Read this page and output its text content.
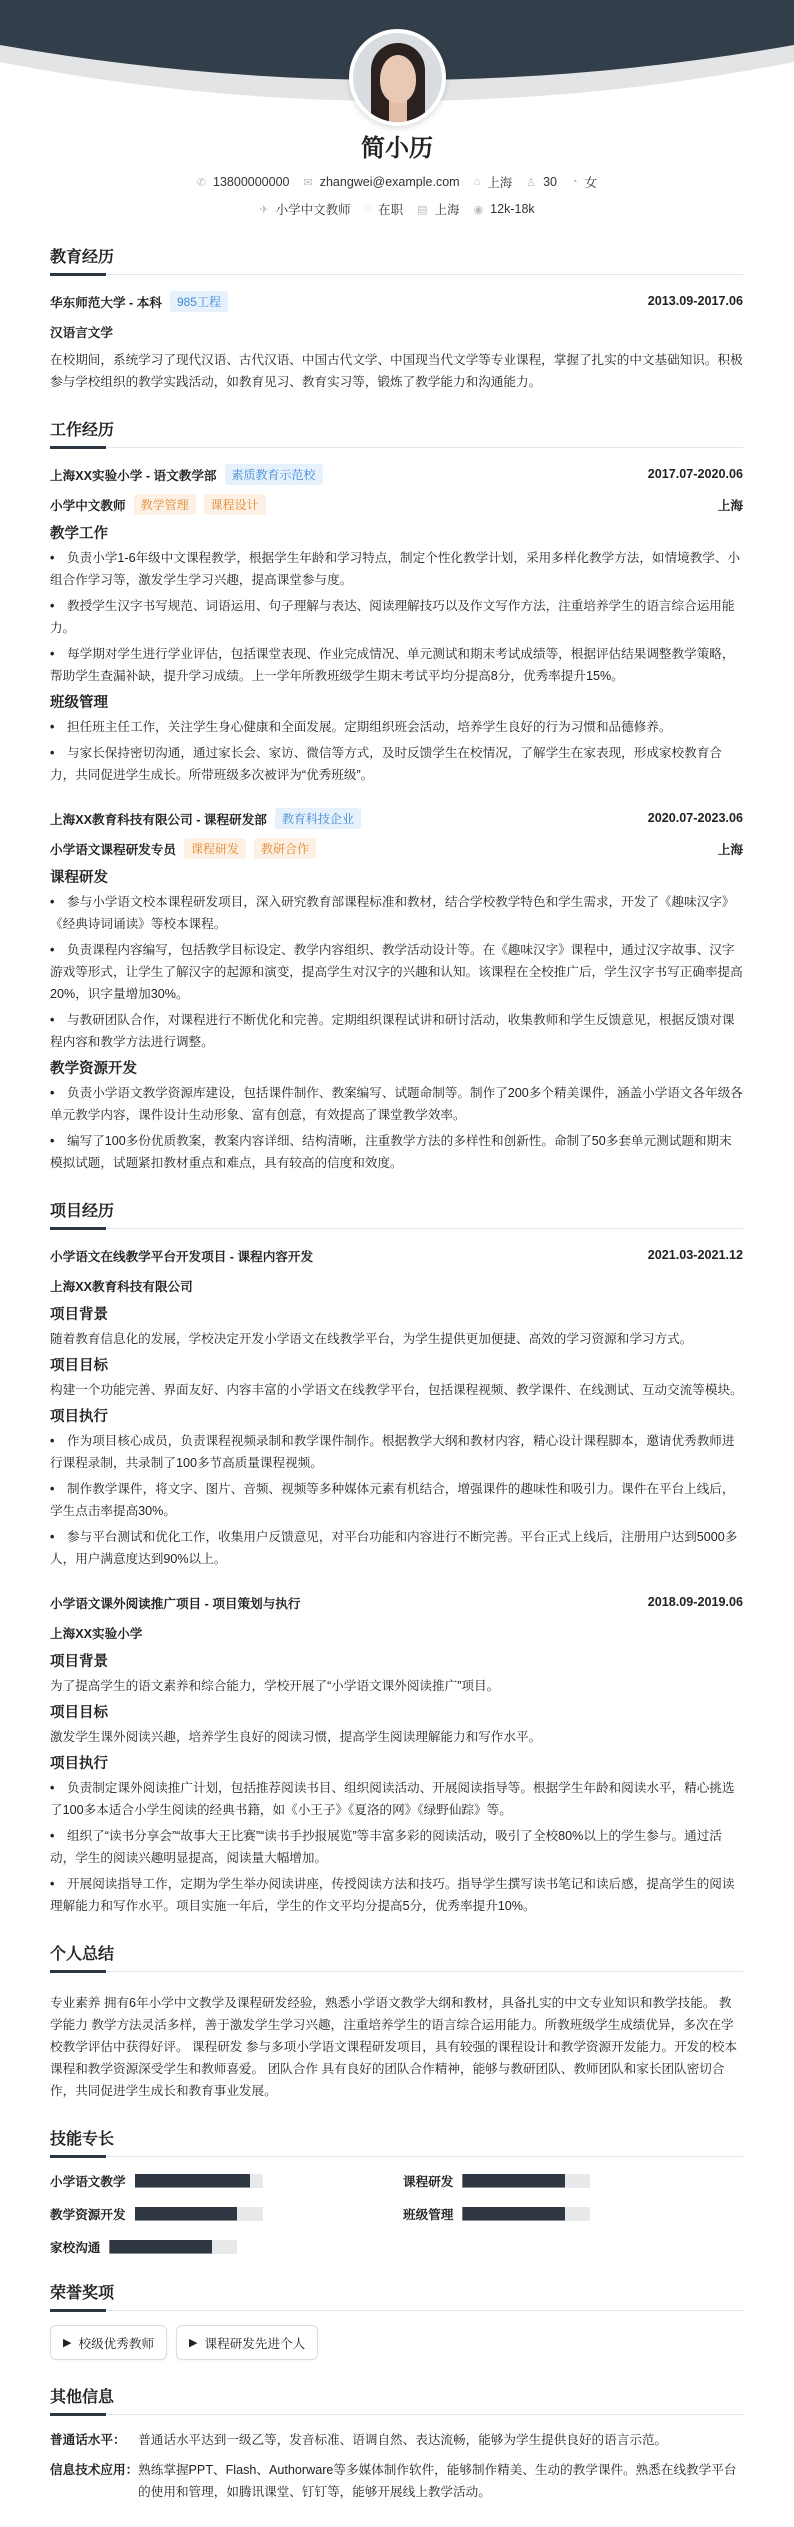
简小历
✆ 13800000000 ✉ zhangwei@example.com ⌂ 上海 ♙ 30 ◔ 女
✈ 小学中文教师 ◌ 在职 ▤ 上海 ◉ 12k-18k
教育经历
华东师范大学 - 本科	985工程	2013.09-2017.06
汉语言文学
在校期间，系统学习了现代汉语、古代汉语、中国古代文学、中国现当代文学等专业课程，掌握了扎实的中文基础知识。积极参与学校组织的教学实践活动，如教育见习、教育实习等，锻炼了教学能力和沟通能力。
工作经历
上海XX实验小学 - 语文教学部	素质教育示范校	2017.07-2020.06
小学中文教师	教学管理	课程设计	上海
教学工作
• 负责小学1-6年级中文课程教学，根据学生年龄和学习特点，制定个性化教学计划，采用多样化教学方法，如情境教学、小组合作学习等，激发学生学习兴趣，提高课堂参与度。
• 教授学生汉字书写规范、词语运用、句子理解与表达、阅读理解技巧以及作文写作方法，注重培养学生的语言综合运用能力。
• 每学期对学生进行学业评估，包括课堂表现、作业完成情况、单元测试和期末考试成绩等，根据评估结果调整教学策略，帮助学生查漏补缺，提升学习成绩。上一学年所教班级学生期末考试平均分提高8分，优秀率提升15%。
班级管理
• 担任班主任工作，关注学生身心健康和全面发展。定期组织班会活动，培养学生良好的行为习惯和品德修养。
• 与家长保持密切沟通，通过家长会、家访、微信等方式，及时反馈学生在校情况，了解学生在家表现，形成家校教育合力，共同促进学生成长。所带班级多次被评为“优秀班级”。
上海XX教育科技有限公司 - 课程研发部	教育科技企业	2020.07-2023.06
小学语文课程研发专员	课程研发	教研合作	上海
课程研发
• 参与小学语文校本课程研发项目，深入研究教育部课程标准和教材，结合学校教学特色和学生需求，开发了《趣味汉字》《经典诗词诵读》等校本课程。
• 负责课程内容编写，包括教学目标设定、教学内容组织、教学活动设计等。在《趣味汉字》课程中，通过汉字故事、汉字游戏等形式，让学生了解汉字的起源和演变，提高学生对汉字的兴趣和认知。该课程在全校推广后，学生汉字书写正确率提高20%，识字量增加30%。
• 与教研团队合作，对课程进行不断优化和完善。定期组织课程试讲和研讨活动，收集教师和学生反馈意见，根据反馈对课程内容和教学方法进行调整。
教学资源开发
• 负责小学语文教学资源库建设，包括课件制作、教案编写、试题命制等。制作了200多个精美课件，涵盖小学语文各年级各单元教学内容，课件设计生动形象、富有创意，有效提高了课堂教学效率。
• 编写了100多份优质教案，教案内容详细、结构清晰，注重教学方法的多样性和创新性。命制了50多套单元测试题和期末模拟试题，试题紧扣教材重点和难点，具有较高的信度和效度。
项目经历
小学语文在线教学平台开发项目 - 课程内容开发	2021.03-2021.12
上海XX教育科技有限公司
项目背景
随着教育信息化的发展，学校决定开发小学语文在线教学平台，为学生提供更加便捷、高效的学习资源和学习方式。
项目目标
构建一个功能完善、界面友好、内容丰富的小学语文在线教学平台，包括课程视频、教学课件、在线测试、互动交流等模块。
项目执行
• 作为项目核心成员，负责课程视频录制和教学课件制作。根据教学大纲和教材内容，精心设计课程脚本，邀请优秀教师进行课程录制，共录制了100多节高质量课程视频。
• 制作教学课件，将文字、图片、音频、视频等多种媒体元素有机结合，增强课件的趣味性和吸引力。课件在平台上线后，学生点击率提高30%。
• 参与平台测试和优化工作，收集用户反馈意见，对平台功能和内容进行不断完善。平台正式上线后，注册用户达到5000多人，用户满意度达到90%以上。
小学语文课外阅读推广项目 - 项目策划与执行	2018.09-2019.06
上海XX实验小学
项目背景
为了提高学生的语文素养和综合能力，学校开展了“小学语文课外阅读推广”项目。
项目目标
激发学生课外阅读兴趣，培养学生良好的阅读习惯，提高学生阅读理解能力和写作水平。
项目执行
• 负责制定课外阅读推广计划，包括推荐阅读书目、组织阅读活动、开展阅读指导等。根据学生年龄和阅读水平，精心挑选了100多本适合小学生阅读的经典书籍，如《小王子》《夏洛的网》《绿野仙踪》等。
• 组织了“读书分享会”“故事大王比赛”“读书手抄报展览”等丰富多彩的阅读活动，吸引了全校80%以上的学生参与。通过活动，学生的阅读兴趣明显提高，阅读量大幅增加。
• 开展阅读指导工作，定期为学生举办阅读讲座，传授阅读方法和技巧。指导学生撰写读书笔记和读后感，提高学生的阅读理解能力和写作水平。项目实施一年后，学生的作文平均分提高5分，优秀率提升10%。
个人总结
专业素养 拥有6年小学中文教学及课程研发经验，熟悉小学语文教学大纲和教材，具备扎实的中文专业知识和教学技能。 教学能力 教学方法灵活多样，善于激发学生学习兴趣，注重培养学生的语言综合运用能力。所教班级学生成绩优异，多次在学校教学评估中获得好评。 课程研发 参与多项小学语文课程研发项目，具有较强的课程设计和教学资源开发能力。开发的校本课程和教学资源深受学生和教师喜爱。 团队合作 具有良好的团队合作精神，能够与教研团队、教师团队和家长团队密切合作，共同促进学生成长和教育事业发展。
技能专长
小学语文教学	课程研发
教学资源开发	班级管理
家校沟通
荣誉奖项
▶ 校级优秀教师	▶ 课程研发先进个人
其他信息
普通话水平： 普通话水平达到一级乙等，发音标准、语调自然、表达流畅，能够为学生提供良好的语言示范。
信息技术应用： 熟练掌握PPT、Flash、Authorware等多媒体制作软件，能够制作精美、生动的教学课件。熟悉在线教学平台的使用和管理，如腾讯课堂、钉钉等，能够开展线上教学活动。
